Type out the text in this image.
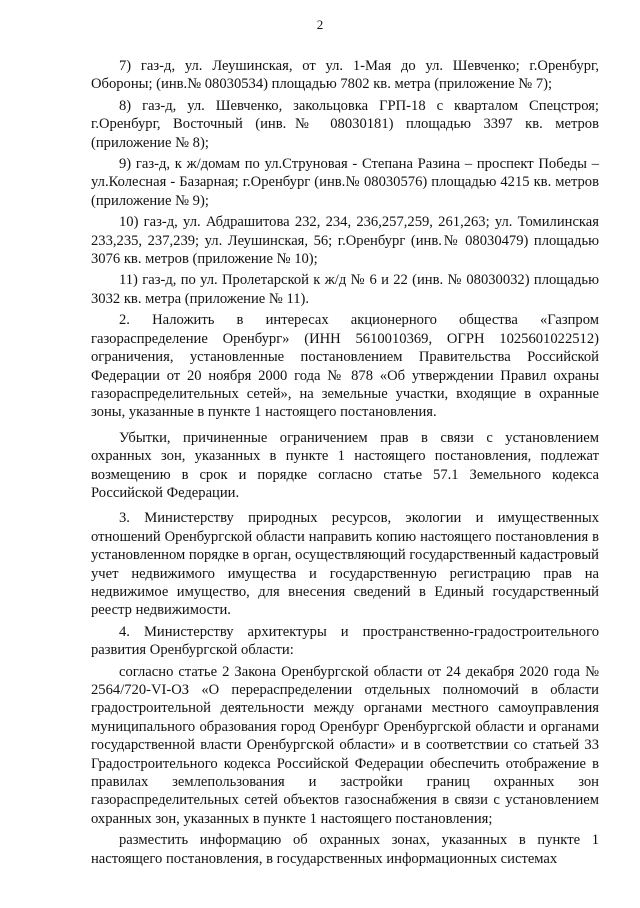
2

7) газ-д, ул. Леушинская, от ул. 1-Мая до ул. Шевченко; г.Оренбург, Обороны; (инв.№ 08030534) площадью 7802 кв. метра (приложение № 7);

8) газ-д, ул. Шевченко, закольцовка ГРП-18 с кварталом Спецстроя; г.Оренбург, Восточный (инв.№ 08030181) площадью 3397 кв. метров (приложение № 8);

9) газ-д, к ж/домам по ул.Струновая - Степана Разина – проспект Победы – ул.Колесная - Базарная; г.Оренбург (инв.№ 08030576) площадью 4215 кв. метров (приложение № 9);

10) газ-д, ул. Абдрашитова 232, 234, 236,257,259, 261,263; ул. Томилинская 233,235, 237,239; ул. Леушинская, 56; г.Оренбург (инв.№ 08030479) площадью 3076 кв. метров (приложение № 10);

11) газ-д, по ул. Пролетарской к ж/д № 6 и 22 (инв. № 08030032) площадью 3032 кв. метра (приложение № 11).

2. Наложить в интересах акционерного общества «Газпром газораспределение Оренбург» (ИНН 5610010369, ОГРН 1025601022512) ограничения, установленные постановлением Правительства Российской Федерации от 20 ноября 2000 года № 878 «Об утверждении Правил охраны газораспределительных сетей», на земельные участки, входящие в охранные зоны, указанные в пункте 1 настоящего постановления.

Убытки, причиненные ограничением прав в связи с установлением охранных зон, указанных в пункте 1 настоящего постановления, подлежат возмещению в срок и порядке согласно статье 57.1 Земельного кодекса Российской Федерации.

3. Министерству природных ресурсов, экологии и имущественных отношений Оренбургской области направить копию настоящего постановления в установленном порядке в орган, осуществляющий государственный кадастровый учет недвижимого имущества и государственную регистрацию прав на недвижимое имущество, для внесения сведений в Единый государственный реестр недвижимости.

4. Министерству архитектуры и пространственно-градостроительного развития Оренбургской области:

согласно статье 2 Закона Оренбургской области от 24 декабря 2020 года № 2564/720-VI-ОЗ «О перераспределении отдельных полномочий в области градостроительной деятельности между органами местного самоуправления муниципального образования город Оренбург Оренбургской области и органами государственной власти Оренбургской области» и в соответствии со статьей 33 Градостроительного кодекса Российской Федерации обеспечить отображение в правилах землепользования и застройки границ охранных зон газораспределительных сетей объектов газоснабжения в связи с установлением охранных зон, указанных в пункте 1 настоящего постановления;

разместить информацию об охранных зонах, указанных в пункте 1 настоящего постановления, в государственных информационных системах
